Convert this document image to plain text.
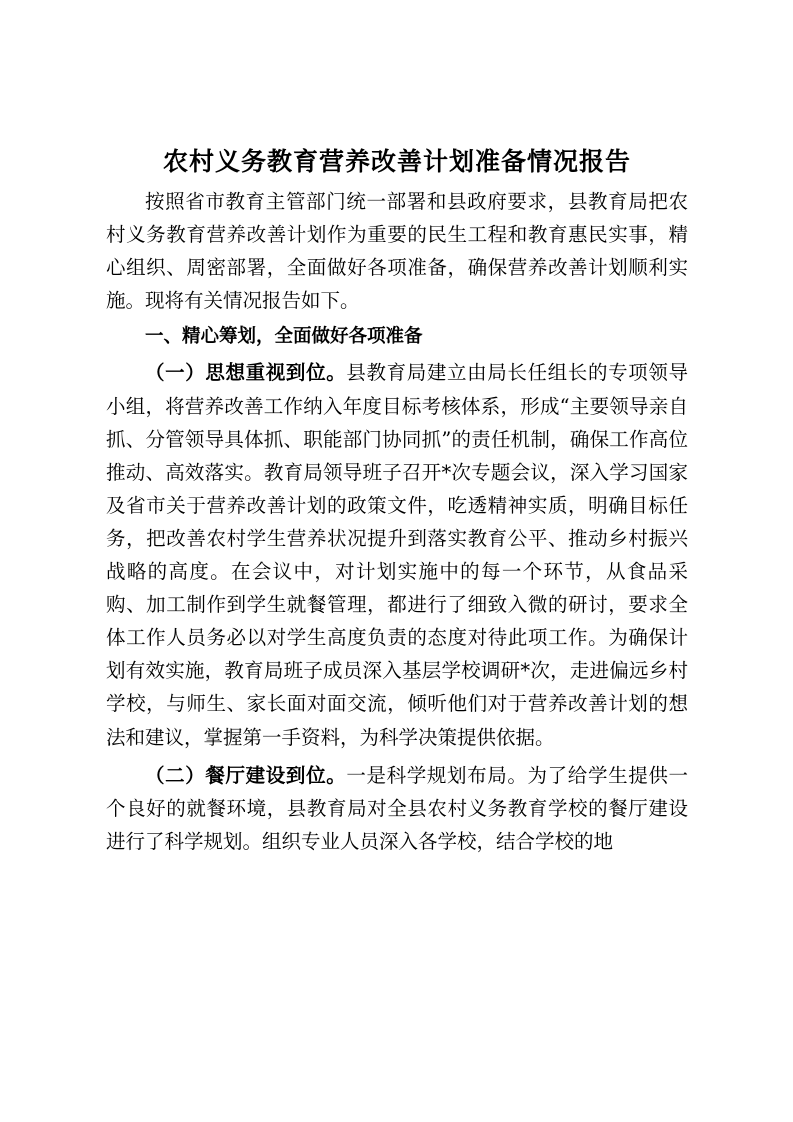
农村义务教育营养改善计划准备情况报告

按照省市教育主管部门统一部署和县政府要求，县教育局把农村义务教育营养改善计划作为重要的民生工程和教育惠民实事，精心组织、周密部署，全面做好各项准备，确保营养改善计划顺利实施。现将有关情况报告如下。

一、精心筹划，全面做好各项准备

（一）思想重视到位。县教育局建立由局长任组长的专项领导小组，将营养改善工作纳入年度目标考核体系，形成“主要领导亲自抓、分管领导具体抓、职能部门协同抓”的责任机制，确保工作高位推动、高效落实。教育局领导班子召开*次专题会议，深入学习国家及省市关于营养改善计划的政策文件，吃透精神实质，明确目标任务，把改善农村学生营养状况提升到落实教育公平、推动乡村振兴战略的高度。在会议中，对计划实施中的每一个环节，从食品采购、加工制作到学生就餐管理，都进行了细致入微的研讨，要求全体工作人员务必以对学生高度负责的态度对待此项工作。为确保计划有效实施，教育局班子成员深入基层学校调研*次，走进偏远乡村学校，与师生、家长面对面交流，倾听他们对于营养改善计划的想法和建议，掌握第一手资料，为科学决策提供依据。

（二）餐厅建设到位。一是科学规划布局。为了给学生提供一个良好的就餐环境，县教育局对全县农村义务教育学校的餐厅建设进行了科学规划。组织专业人员深入各学校，结合学校的地
